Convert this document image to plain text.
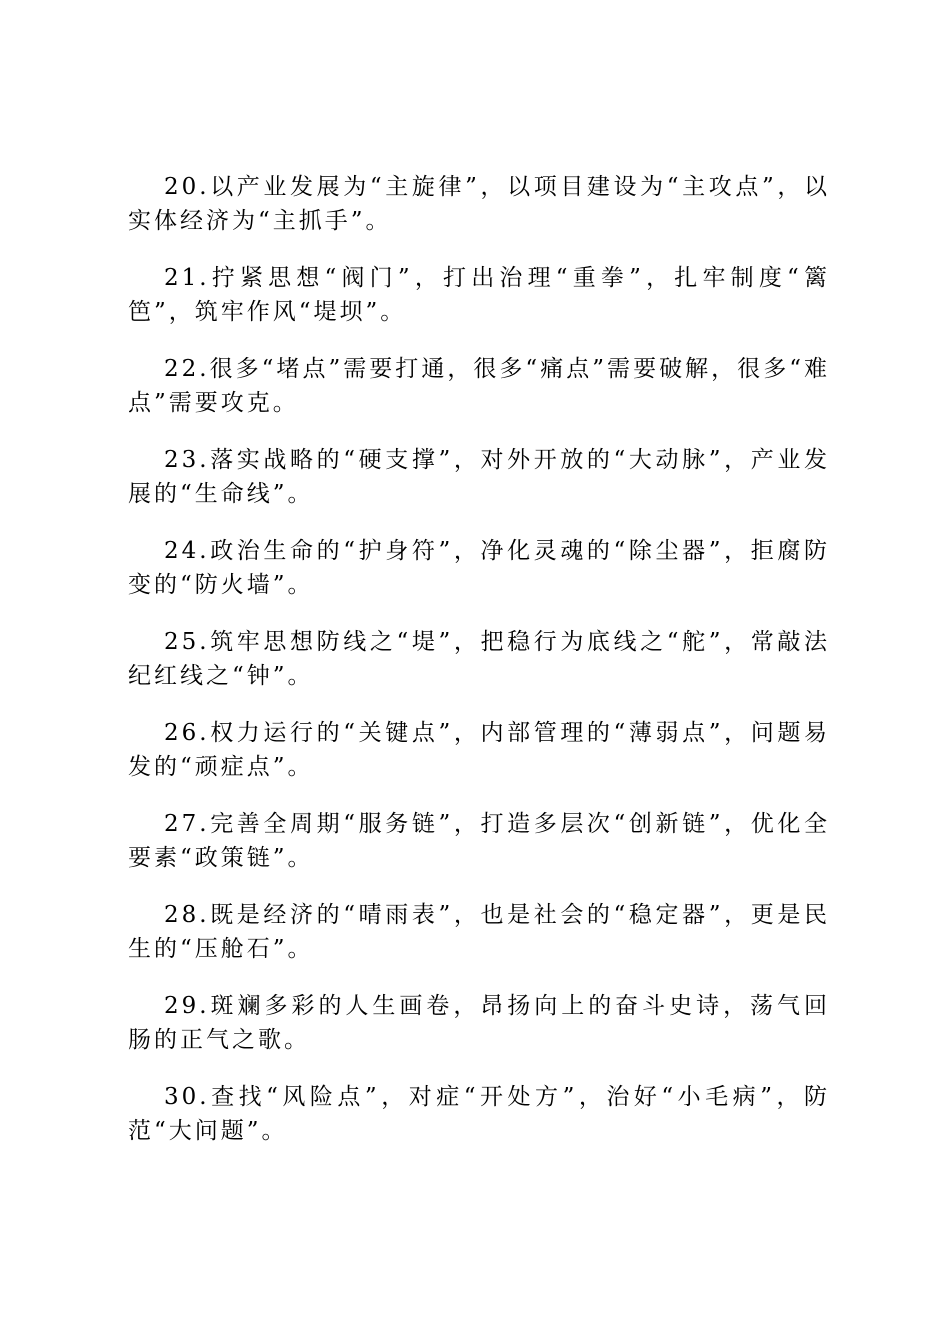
20.以产业发展为“主旋律”，以项目建设为“主攻点”，以实体经济为“主抓手”。

21.拧紧思想“阀门”，打出治理“重拳”，扎牢制度“篱笆”，筑牢作风“堤坝”。

22.很多“堵点”需要打通，很多“痛点”需要破解，很多“难点”需要攻克。

23.落实战略的“硬支撑”，对外开放的“大动脉”，产业发展的“生命线”。

24.政治生命的“护身符”，净化灵魂的“除尘器”，拒腐防变的“防火墙”。

25.筑牢思想防线之“堤”，把稳行为底线之“舵”，常敲法纪红线之“钟”。

26.权力运行的“关键点”，内部管理的“薄弱点”，问题易发的“顽症点”。

27.完善全周期“服务链”，打造多层次“创新链”，优化全要素“政策链”。

28.既是经济的“晴雨表”，也是社会的“稳定器”，更是民生的“压舱石”。

29.斑斓多彩的人生画卷，昂扬向上的奋斗史诗，荡气回肠的正气之歌。

30.查找“风险点”，对症“开处方”，治好“小毛病”，防范“大问题”。
